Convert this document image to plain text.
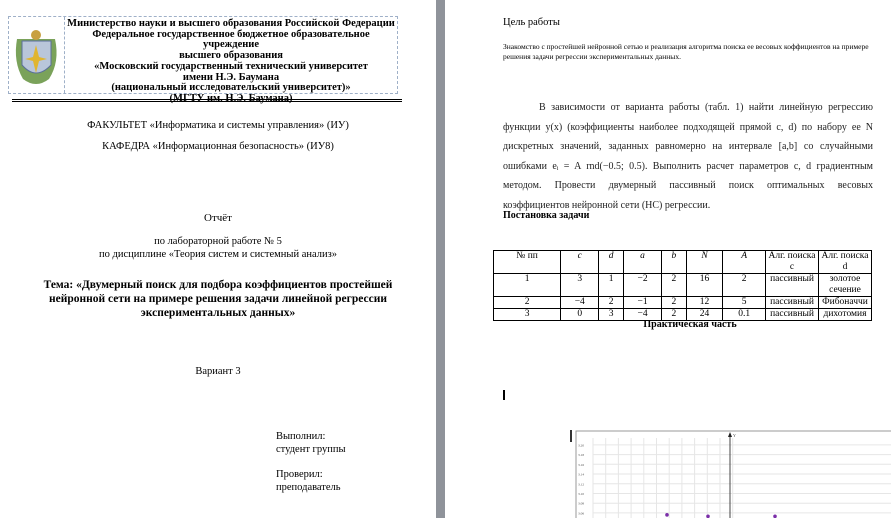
Министерство науки и высшего образования Российской Федерации
Федеральное государственное бюджетное образовательное учреждение
высшего образования
«Московский государственный технический университет
имени Н.Э. Баумана
(национальный исследовательский университет)»
(МГТУ им. Н.Э. Баумана)
ФАКУЛЬТЕТ «Информатика и системы управления» (ИУ)
КАФЕДРА «Информационная безопасность» (ИУ8)
Отчёт
по лабораторной работе № 5
по дисциплине «Теория систем и системный анализ»
Тема: «Двумерный поиск для подбора коэффициентов простейшей
нейронной сети на примере решения задачи линейной регрессии
экспериментальных данных»
Вариант 3
Выполнил:
студент группы
Проверил:
преподаватель
Цель работы
Знакомство с простейшей нейронной сетью и реализация алгоритма поиска ее весовых коффициентов на примере решения задачи регрессии экспериментальных данных.
В зависимости от варианта работы (табл. 1) найти линейную регрессию функции y(x) (коэффициенты наиболее подходящей прямой c, d) по набору ее N дискретных значений, заданных равномерно на интервале [a,b] со случайными ошибками eᵢ = A rnd(−0.5; 0.5). Выполнить расчет параметров c, d градиентным методом. Провести двумерный пассивный поиск оптимальных весовых коэффициентов нейронной сети (НС) регрессии.
Постановка задачи
№ пп	c	d	a	b	N	A	Алг. поиска c	Алг. поиска d
1	3	1	−2	2	16	2	пассивный	золотое сечение
2	−4	2	−1	2	12	5	пассивный	Фибоначчи
3	0	3	−4	2	24	0.1	пассивный	дихотомия
Практическая часть
3.20
3.18
3.16
3.14
3.12
3.10
3.08
3.06
Y
